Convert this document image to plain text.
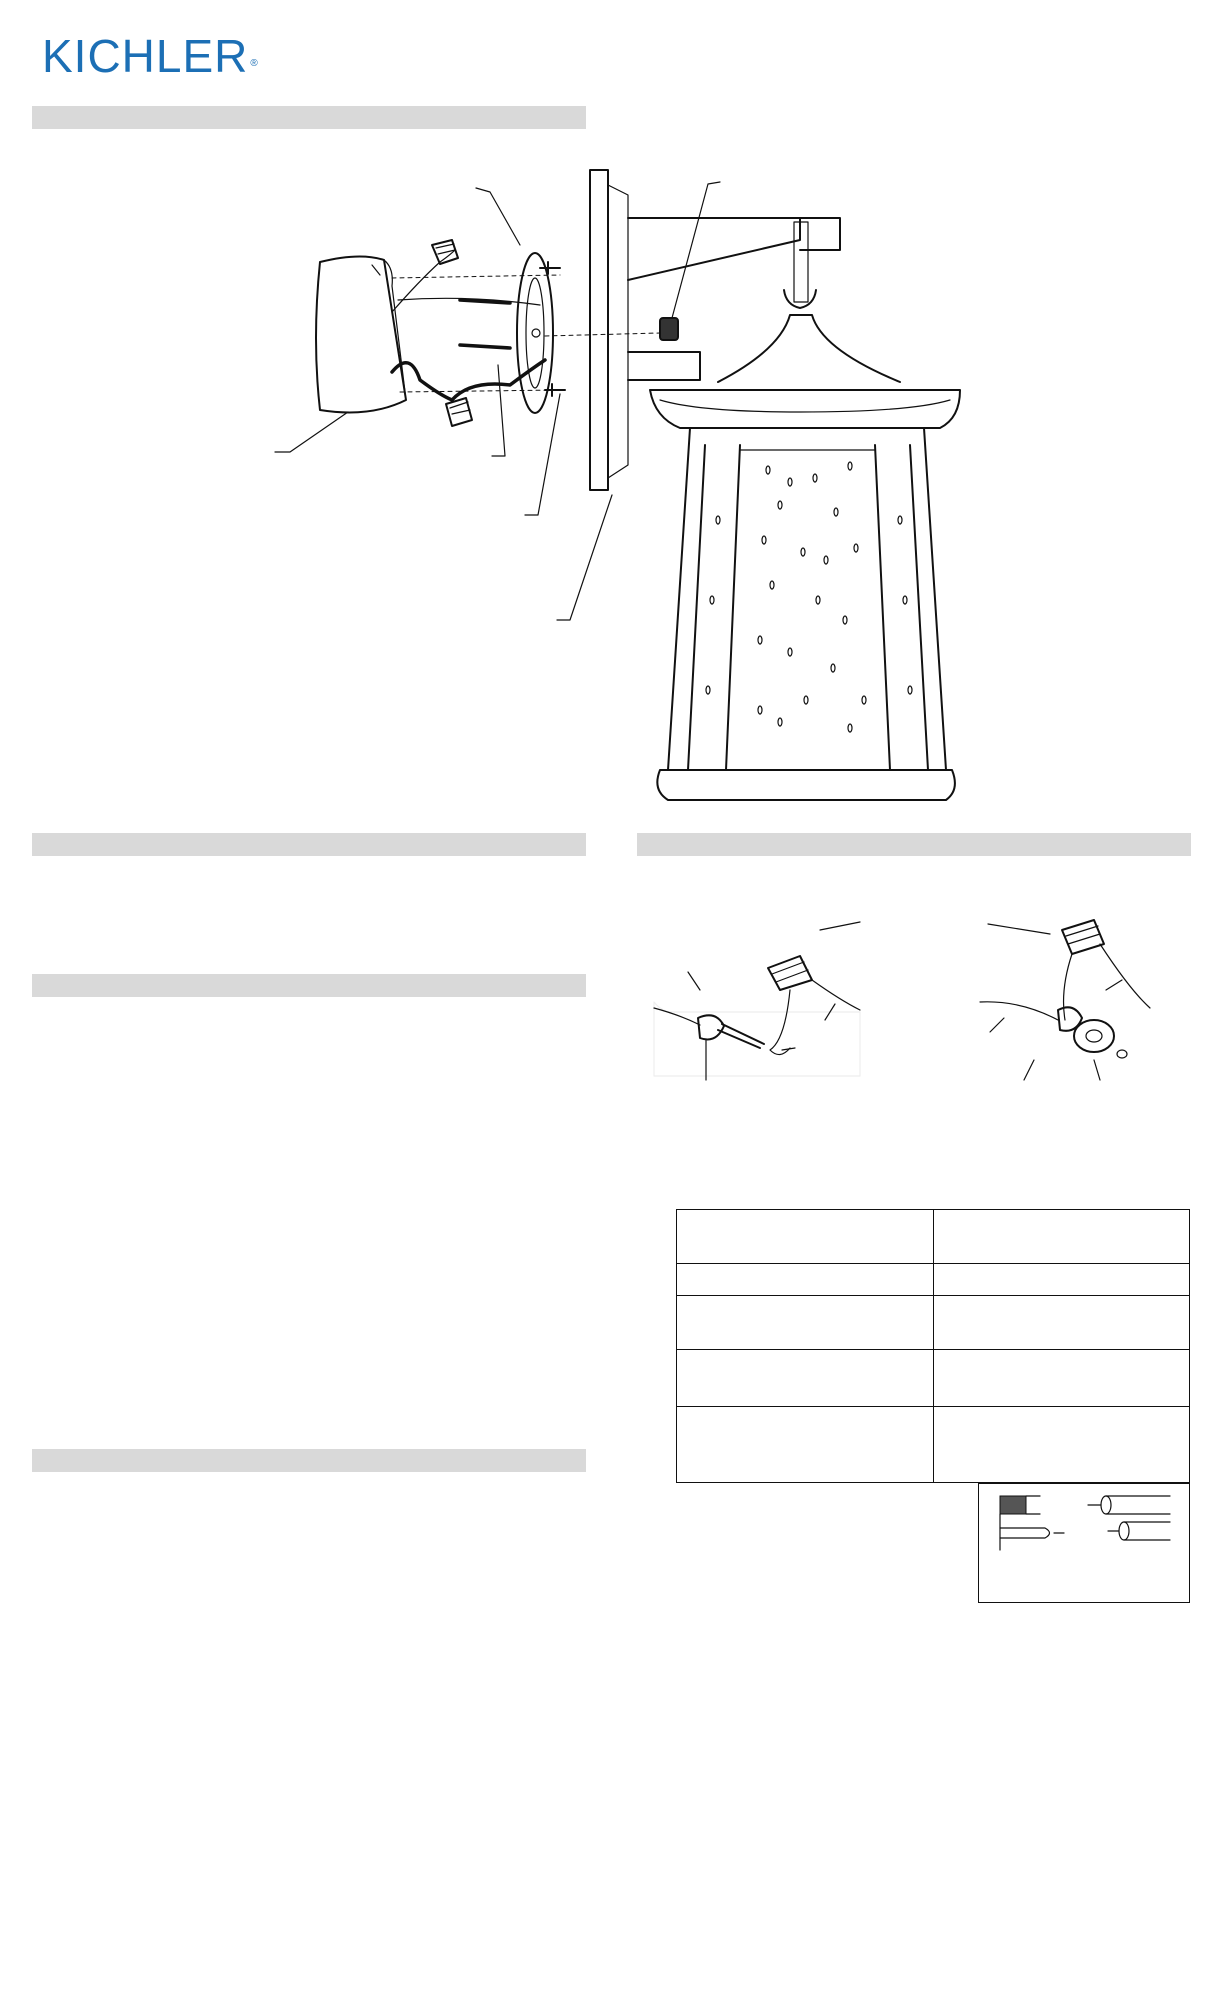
KICHLER ®
